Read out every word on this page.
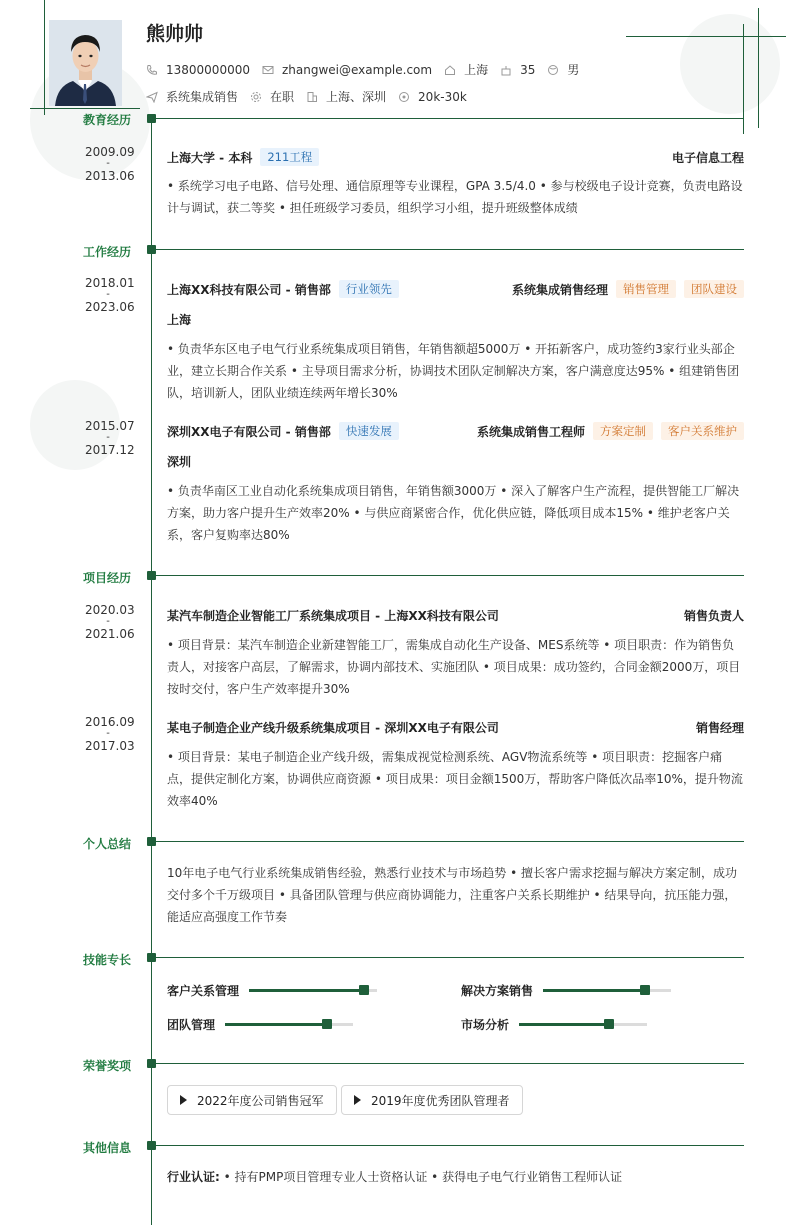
熊帅帅
13800000000	zhangwei@example.com	上海	35	男
系统集成销售	在职	上海、深圳	20k-30k
教育经历
2009.09
-
2013.06
上海大学 - 本科	211工程	电子信息工程
• 系统学习电子电路、信号处理、通信原理等专业课程，GPA 3.5/4.0 • 参与校级电子设计竞赛，负责电路设计与调试，获二等奖 • 担任班级学习委员，组织学习小组，提升班级整体成绩
工作经历
2018.01
-
2023.06
上海XX科技有限公司 - 销售部	行业领先	系统集成销售经理	销售管理	团队建设
上海
• 负责华东区电子电气行业系统集成项目销售，年销售额超5000万 • 开拓新客户，成功签约3家行业头部企业，建立长期合作关系 • 主导项目需求分析，协调技术团队定制解决方案，客户满意度达95% • 组建销售团队，培训新人，团队业绩连续两年增长30%
2015.07
-
2017.12
深圳XX电子有限公司 - 销售部	快速发展	系统集成销售工程师	方案定制	客户关系维护
深圳
• 负责华南区工业自动化系统集成项目销售，年销售额3000万 • 深入了解客户生产流程，提供智能工厂解决方案，助力客户提升生产效率20% • 与供应商紧密合作，优化供应链，降低项目成本15% • 维护老客户关系，客户复购率达80%
项目经历
2020.03
-
2021.06
某汽车制造企业智能工厂系统集成项目 - 上海XX科技有限公司	销售负责人
• 项目背景：某汽车制造企业新建智能工厂，需集成自动化生产设备、MES系统等 • 项目职责：作为销售负责人，对接客户高层，了解需求，协调内部技术、实施团队 • 项目成果：成功签约，合同金额2000万，项目按时交付，客户生产效率提升30%
2016.09
-
2017.03
某电子制造企业产线升级系统集成项目 - 深圳XX电子有限公司	销售经理
• 项目背景：某电子制造企业产线升级，需集成视觉检测系统、AGV物流系统等 • 项目职责：挖掘客户痛点，提供定制化方案，协调供应商资源 • 项目成果：项目金额1500万，帮助客户降低次品率10%，提升物流效率40%
个人总结
10年电子电气行业系统集成销售经验，熟悉行业技术与市场趋势 • 擅长客户需求挖掘与解决方案定制，成功交付多个千万级项目 • 具备团队管理与供应商协调能力，注重客户关系长期维护 • 结果导向，抗压能力强，能适应高强度工作节奏
技能专长
客户关系管理	解决方案销售
团队管理	市场分析
荣誉奖项
2022年度公司销售冠军	2019年度优秀团队管理者
其他信息
行业认证: • 持有PMP项目管理专业人士资格认证 • 获得电子电气行业销售工程师认证
